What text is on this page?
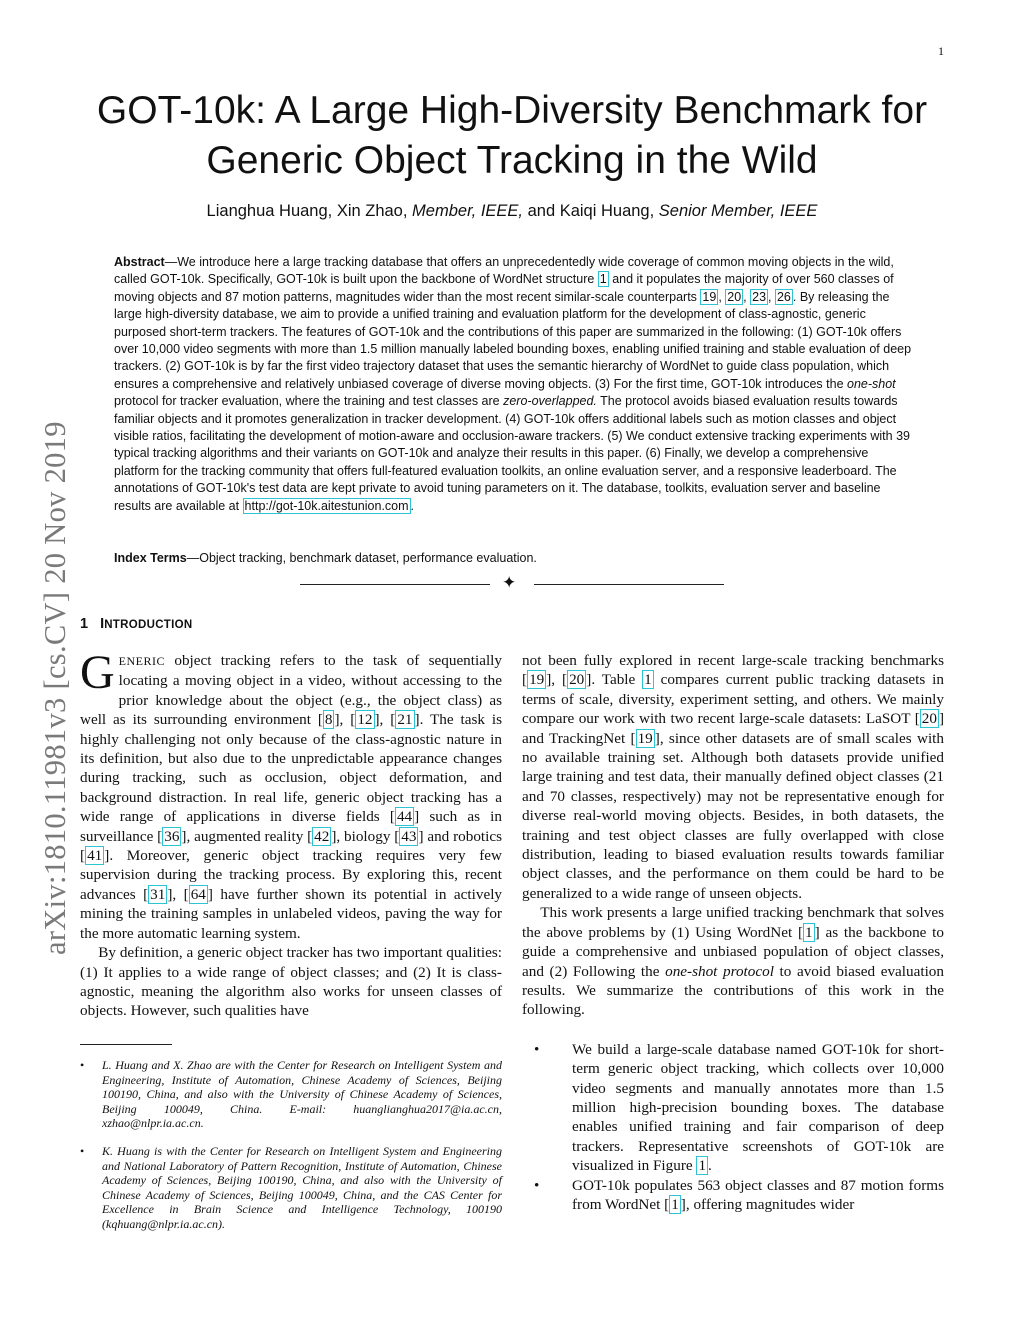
1
arXiv:1810.11981v3 [cs.CV] 20 Nov 2019
GOT-10k: A Large High-Diversity Benchmark for
Generic Object Tracking in the Wild
Lianghua Huang, Xin Zhao, Member, IEEE, and Kaiqi Huang, Senior Member, IEEE

Abstract—We introduce here a large tracking database that offers an unprecedentedly wide coverage of common moving objects in the wild, called GOT-10k. Specifically, GOT-10k is built upon the backbone of WordNet structure 1 and it populates the majority of over 560 classes of moving objects and 87 motion patterns, magnitudes wider than the most recent similar-scale counterparts 19 , 20 , 23 , 26 . By releasing the large high-diversity database, we aim to provide a unified training and evaluation platform for the development of class-agnostic, generic purposed short-term trackers. The features of GOT-10k and the contributions of this paper are summarized in the following: (1) GOT-10k offers over 10,000 video segments with more than 1.5 million manually labeled bounding boxes, enabling unified training and stable evaluation of deep trackers. (2) GOT-10k is by far the first video trajectory dataset that uses the semantic hierarchy of WordNet to guide class population, which ensures a comprehensive and relatively unbiased coverage of diverse moving objects. (3) For the first time, GOT-10k introduces the one-shot protocol for tracker evaluation, where the training and test classes are zero-overlapped. The protocol avoids biased evaluation results towards familiar objects and it promotes generalization in tracker development. (4) GOT-10k offers additional labels such as motion classes and object visible ratios, facilitating the development of motion-aware and occlusion-aware trackers. (5) We conduct extensive tracking experiments with 39 typical tracking algorithms and their variants on GOT-10k and analyze their results in this paper. (6) Finally, we develop a comprehensive platform for the tracking community that offers full-featured evaluation toolkits, an online evaluation server, and a responsive leaderboard. The annotations of GOT-10k's test data are kept private to avoid tuning parameters on it. The database, toolkits, evaluation server and baseline results are available at http://got-10k.aitestunion.com .

Index Terms—Object tracking, benchmark dataset, performance evaluation.

✦
1 INTRODUCTION

GENERIC object tracking refers to the task of sequentially locating a moving object in a video, without accessing to the prior knowledge about the object (e.g., the object class) as well as its surrounding environment [ 8 ], [ 12 ], [ 21 ]. The task is highly challenging not only because of the class-agnostic nature in its definition, but also due to the unpredictable appearance changes during tracking, such as occlusion, object deformation, and background distraction. In real life, generic object tracking has a wide range of applications in diverse fields [ 44 ] such as in surveillance [ 36 ], augmented reality [ 42 ], biology [ 43 ] and robotics [ 41 ]. Moreover, generic object tracking requires very few supervision during the tracking process. By exploring this, recent advances [ 31 ], [ 64 ] have further shown its potential in actively mining the training samples in unlabeled videos, paving the way for the more automatic learning system.

By definition, a generic object tracker has two important qualities: (1) It applies to a wide range of object classes; and (2) It is class-agnostic, meaning the algorithm also works for unseen classes of objects. However, such qualities have

• L. Huang and X. Zhao are with the Center for Research on Intelligent System and Engineering, Institute of Automation, Chinese Academy of Sciences, Beijing 100190, China, and also with the University of Chinese Academy of Sciences, Beijing 100049, China. E-mail: huanglianghua2017@ia.ac.cn, xzhao@nlpr.ia.ac.cn.
• K. Huang is with the Center for Research on Intelligent System and Engineering and National Laboratory of Pattern Recognition, Institute of Automation, Chinese Academy of Sciences, Beijing 100190, China, and also with the University of Chinese Academy of Sciences, Beijing 100049, China, and the CAS Center for Excellence in Brain Science and Intelligence Technology, 100190 (kqhuang@nlpr.ia.ac.cn).

not been fully explored in recent large-scale tracking benchmarks [ 19 ], [ 20 ]. Table 1 compares current public tracking datasets in terms of scale, diversity, experiment setting, and others. We mainly compare our work with two recent large-scale datasets: LaSOT [ 20 ] and TrackingNet [ 19 ], since other datasets are of small scales with no available training set. Although both datasets provide unified large training and test data, their manually defined object classes (21 and 70 classes, respectively) may not be representative enough for diverse real-world moving objects. Besides, in both datasets, the training and test object classes are fully overlapped with close distribution, leading to biased evaluation results towards familiar object classes, and the performance on them could be hard to be generalized to a wide range of unseen objects.

This work presents a large unified tracking benchmark that solves the above problems by (1) Using WordNet [ 1 ] as the backbone to guide a comprehensive and unbiased population of object classes, and (2) Following the one-shot protocol to avoid biased evaluation results. We summarize the contributions of this work in the following.

• We build a large-scale database named GOT-10k for short-term generic object tracking, which collects over 10,000 video segments and manually annotates more than 1.5 million high-precision bounding boxes. The database enables unified training and fair comparison of deep trackers. Representative screenshots of GOT-10k are visualized in Figure 1 .
• GOT-10k populates 563 object classes and 87 motion forms from WordNet [ 1 ], offering magnitudes wider
